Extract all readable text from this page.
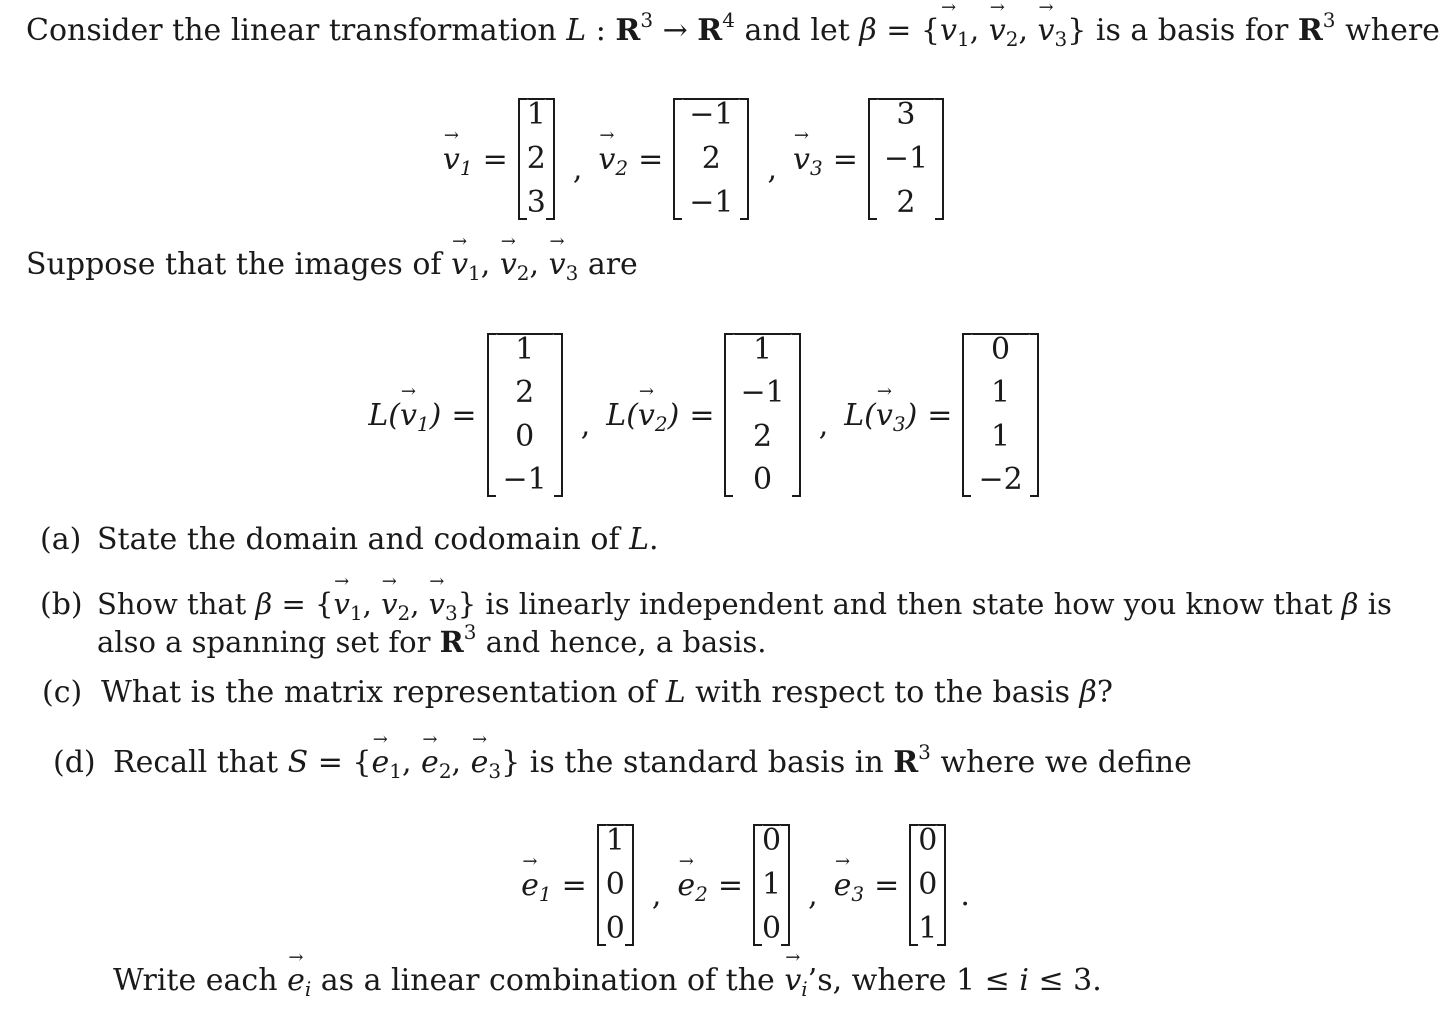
Consider the linear transformation L : $R^3 \to R^4$ and let β = {→ $v_1$, → $v_2$, → $v_3$} is a basis for $R^3$ where
→ $v_1$ =
1
2
3
, → $v_2$ =
−1
2
−1
, → $v_3$ =
3
−1
2
Suppose that the images of → $v_1$, → $v_2$, → $v_3$ are
$L(\to v_1)$ =
1
2
0
−1
, $L(\to v_2)$ =
1
−1
2
0
, $L(\to v_3)$ =
0
1
1
−2
(a) State the domain and codomain of L.
(b) Show that β = {→ $v_1$, → $v_2$, → $v_3$} is linearly independent and then state how you know that β is
also a spanning set for $R^3$ and hence, a basis.
(c) What is the matrix representation of L with respect to the basis β?
(d) Recall that S = {→ $e_1$, → $e_2$, → $e_3$} is the standard basis in $R^3$ where we define
→ $e_1$ =
1
0
0
, → $e_2$ =
0
1
0
, → $e_3$ =
0
0
1
.
Write each → $e_i$ as a linear combination of the → $v_i’s$, where 1 ≤ i ≤ 3.
